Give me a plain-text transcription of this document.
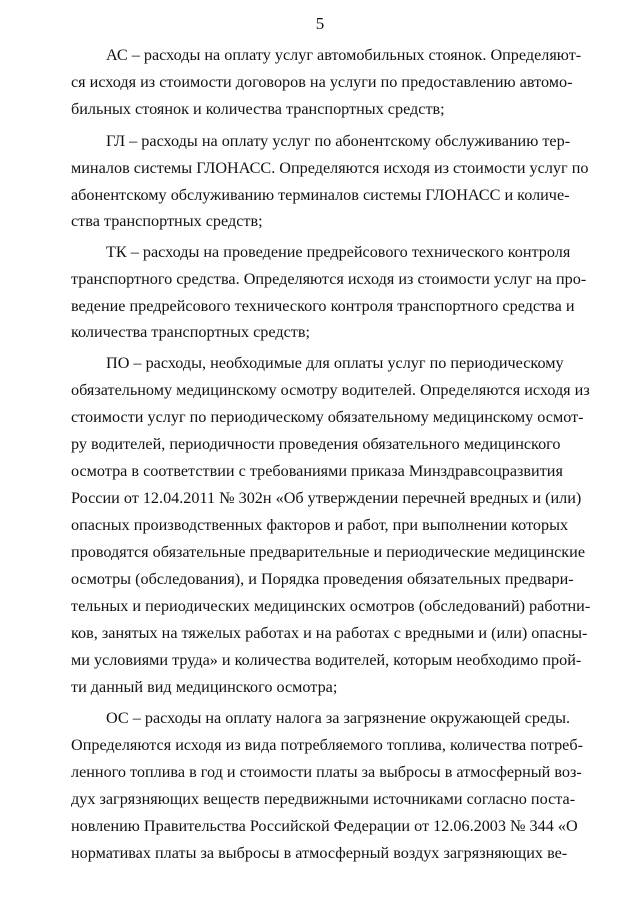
5
АС – расходы на оплату услуг автомобильных стоянок. Определяют-
ся исходя из стоимости договоров на услуги по предоставлению автомо-
бильных стоянок и количества транспортных средств;
ГЛ – расходы на оплату услуг по абонентскому обслуживанию тер-
миналов системы ГЛОНАСС. Определяются исходя из стоимости услуг по
абонентскому обслуживанию терминалов системы ГЛОНАСС и количе-
ства транспортных средств;
ТК – расходы на проведение предрейсового технического контроля
транспортного средства. Определяются исходя из стоимости услуг на про-
ведение предрейсового технического контроля транспортного средства и
количества транспортных средств;
ПО – расходы, необходимые для оплаты услуг по периодическому
обязательному медицинскому осмотру водителей. Определяются исходя из
стоимости услуг по периодическому обязательному медицинскому осмот-
ру водителей, периодичности проведения обязательного медицинского
осмотра в соответствии с требованиями приказа Минздравсоцразвития
России от 12.04.2011 № 302н «Об утверждении перечней вредных и (или)
опасных производственных факторов и работ, при выполнении которых
проводятся обязательные предварительные и периодические медицинские
осмотры (обследования), и Порядка проведения обязательных предвари-
тельных и периодических медицинских осмотров (обследований) работни-
ков, занятых на тяжелых работах и на работах с вредными и (или) опасны-
ми условиями труда» и количества водителей, которым необходимо прой-
ти данный вид медицинского осмотра;
ОС – расходы на оплату налога за загрязнение окружающей среды.
Определяются исходя из вида потребляемого топлива, количества потреб-
ленного топлива в год и стоимости платы за выбросы в атмосферный воз-
дух загрязняющих веществ передвижными источниками согласно поста-
новлению Правительства Российской Федерации от 12.06.2003 № 344 «О
нормативах платы за выбросы в атмосферный воздух загрязняющих ве-
